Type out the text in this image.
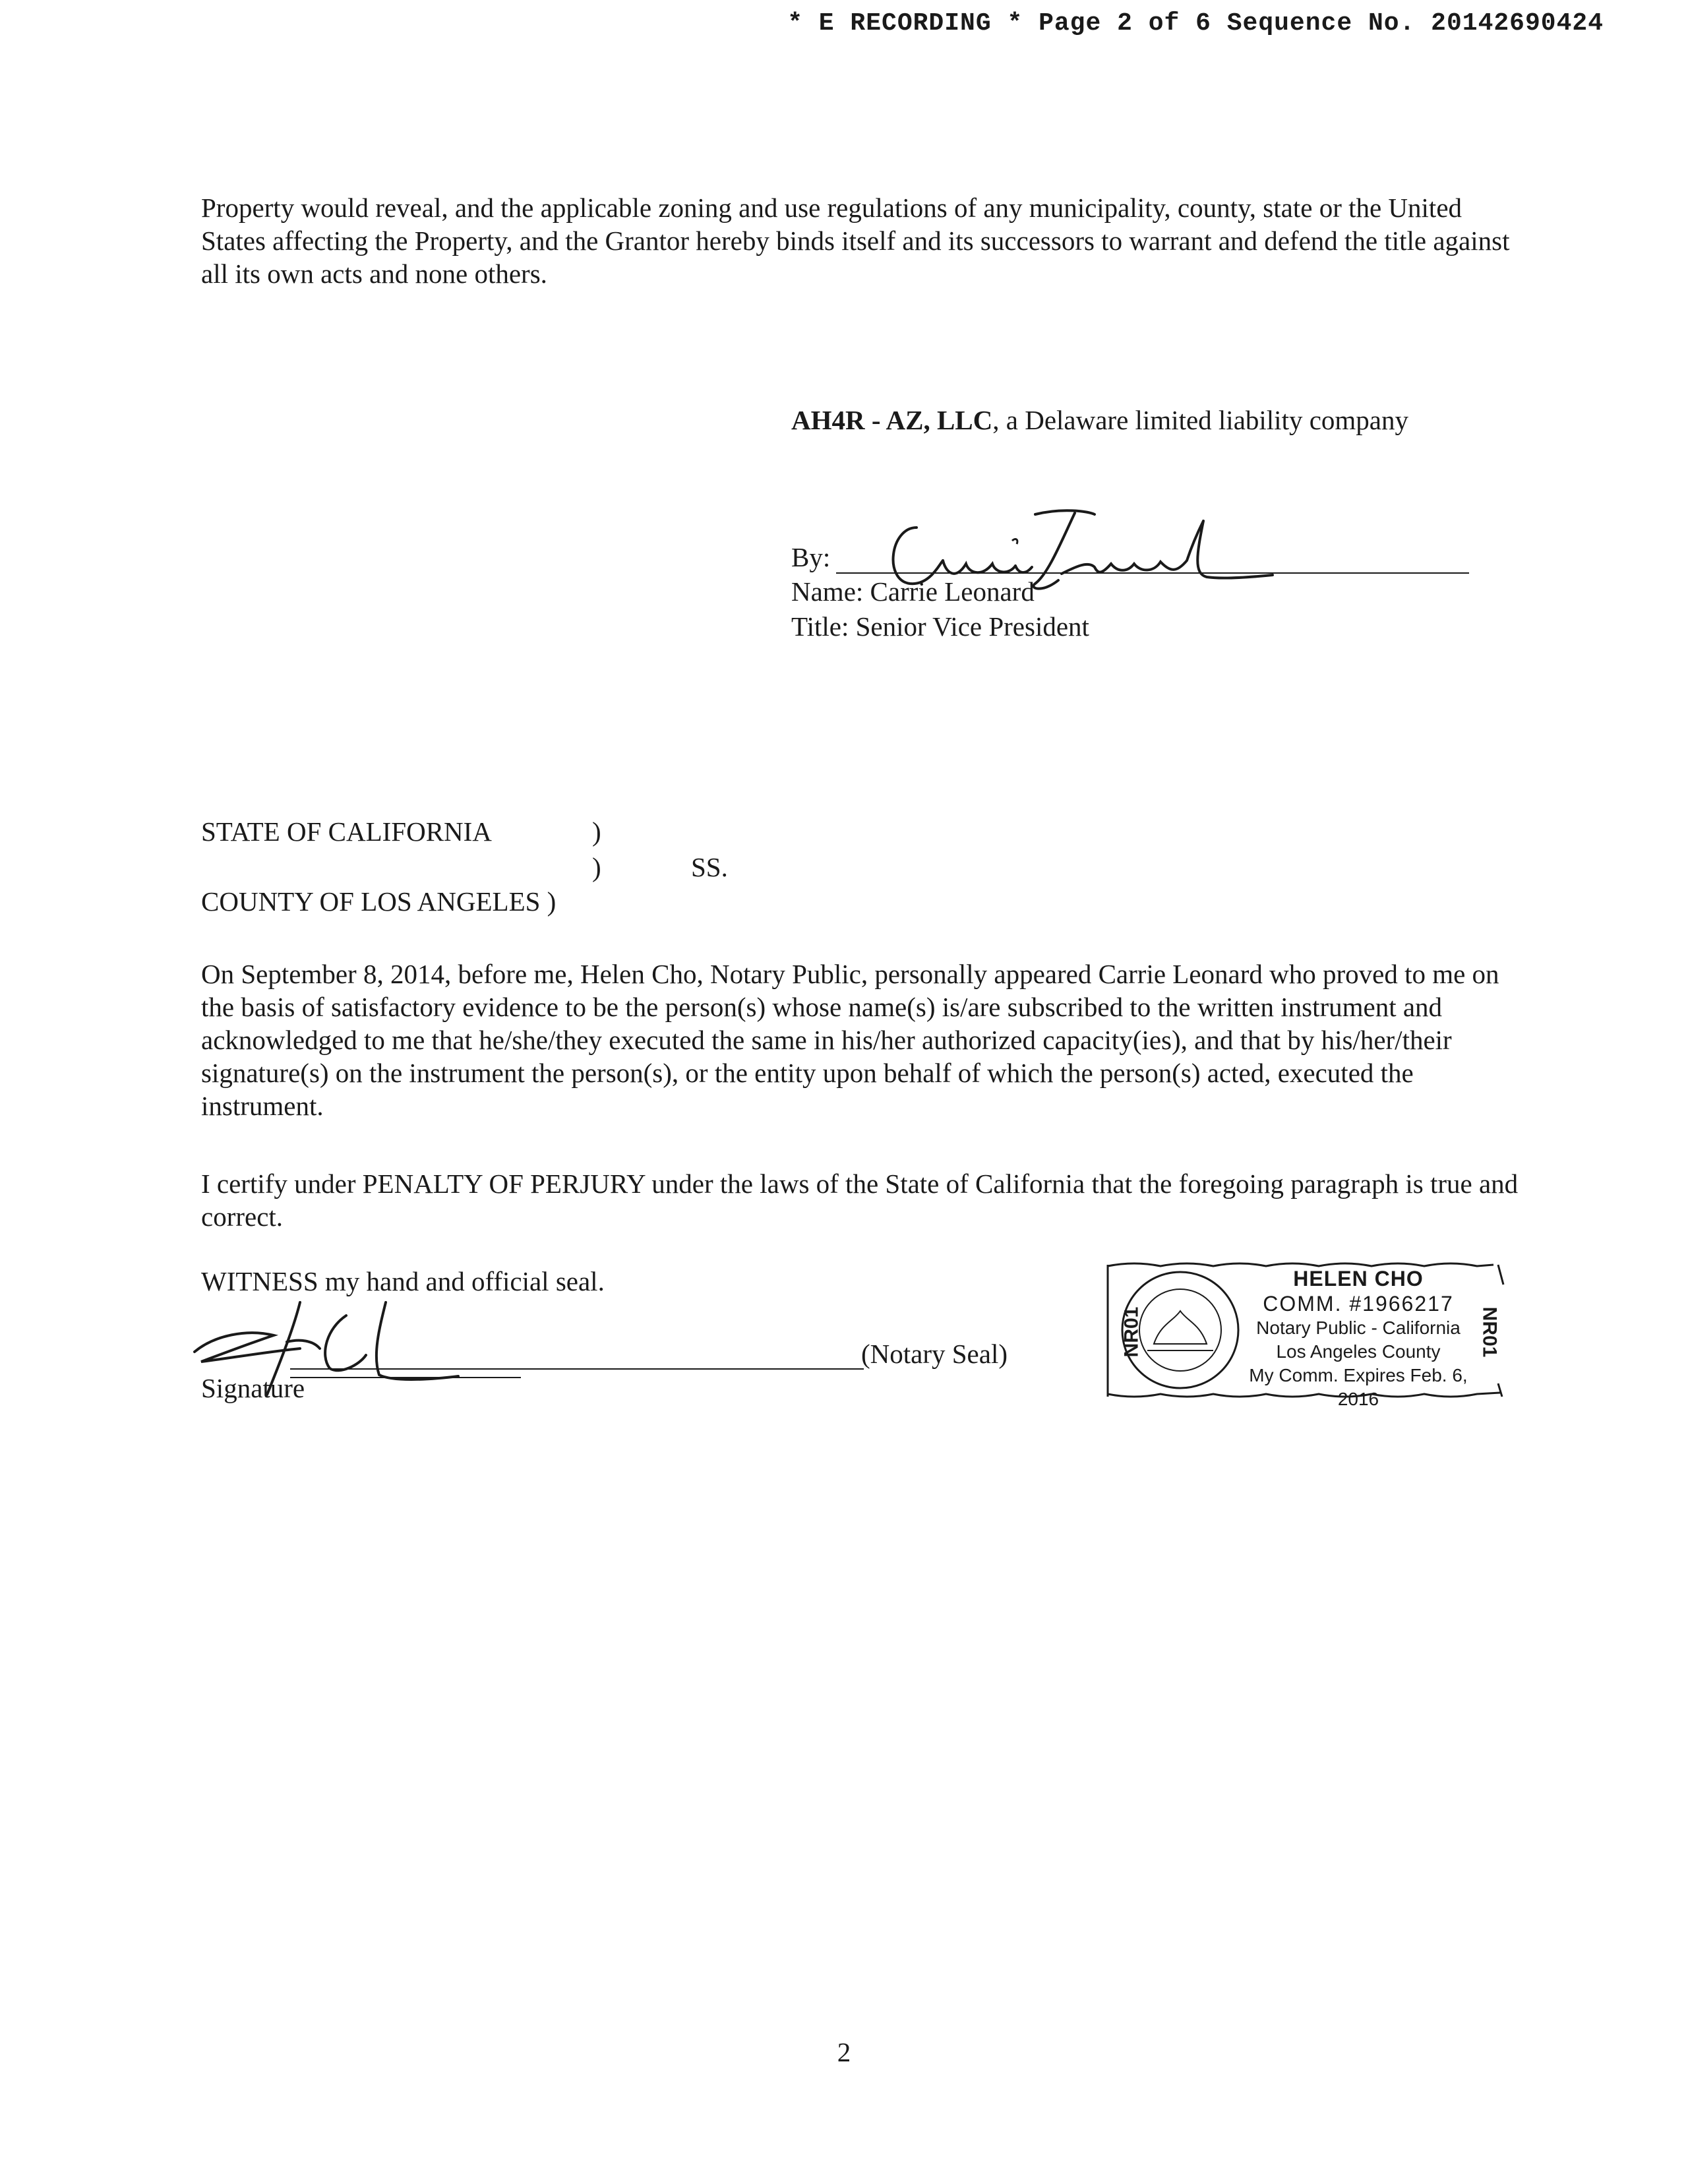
* E RECORDING * Page 2 of 6 Sequence No. 20142690424
Property would reveal, and the applicable zoning and use regulations of any municipality, county, state or the United States affecting the Property, and the Grantor hereby binds itself and its successors to warrant and defend the title against all its own acts and none others.
AH4R - AZ, LLC, a Delaware limited liability company
By:
Name: Carrie Leonard
Title: Senior Vice President
STATE OF CALIFORNIA	)
)	SS.
COUNTY OF LOS ANGELES )
On September 8, 2014, before me, Helen Cho, Notary Public, personally appeared Carrie Leonard who proved to me on the basis of satisfactory evidence to be the person(s) whose name(s) is/are subscribed to the written instrument and acknowledged to me that he/she/they executed the same in his/her authorized capacity(ies), and that by his/her/their signature(s) on the instrument the person(s), or the entity upon behalf of which the person(s) acted, executed the instrument.
I certify under PENALTY OF PERJURY under the laws of the State of California that the foregoing paragraph is true and correct.
WITNESS my hand and official seal.
(Notary Seal)
Signature
NR01	NR01
HELEN CHO
COMM. #1966217
Notary Public - California
Los Angeles County
My Comm. Expires Feb. 6, 2016
2
